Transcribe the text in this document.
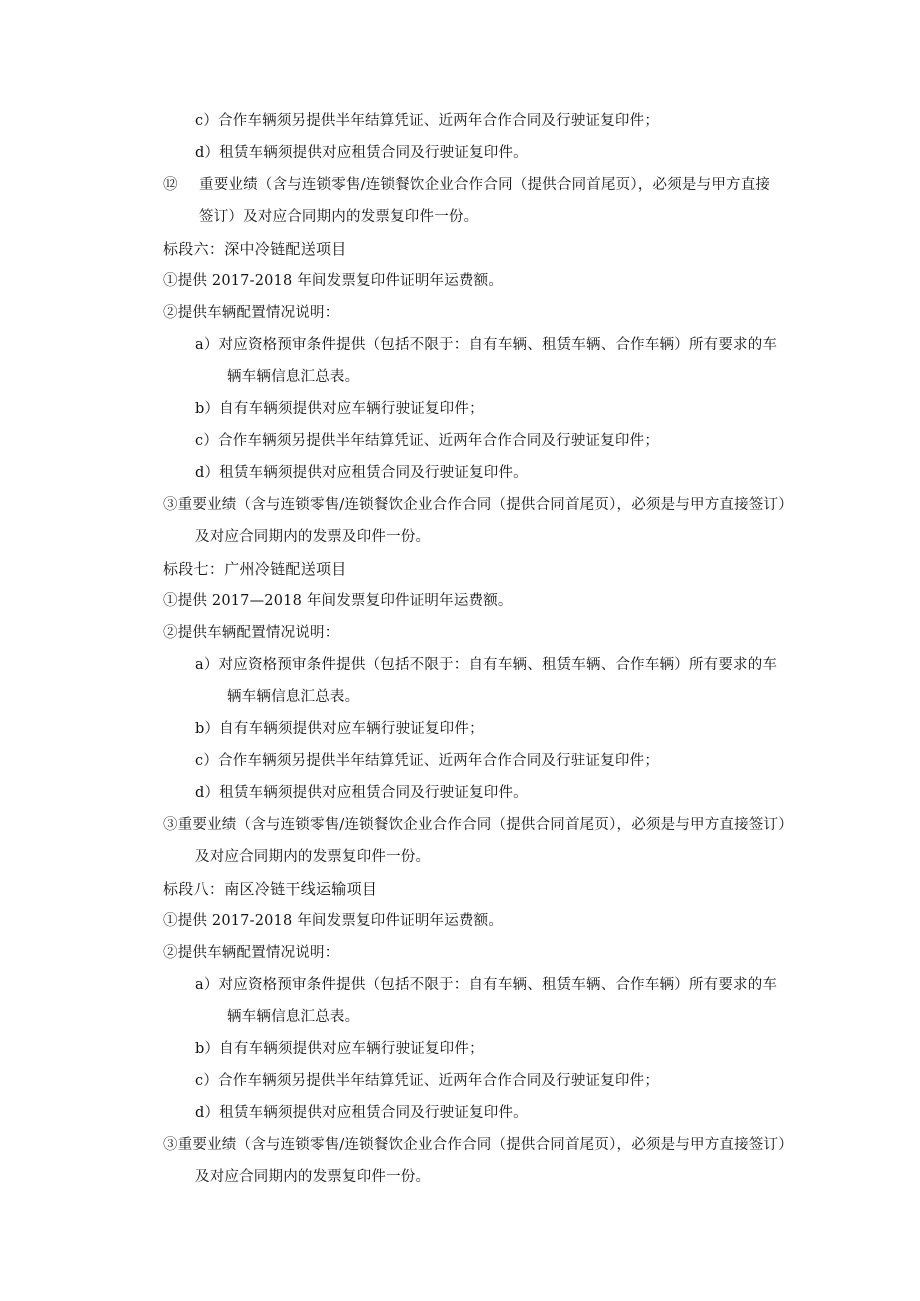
c）合作车辆须另提供半年结算凭证、近两年合作合同及行驶证复印件；
d）租赁车辆须提供对应租赁合同及行驶证复印件。
⑫ 重要业绩（含与连锁零售/连锁餐饮企业合作合同（提供合同首尾页），必须是与甲方直接
签订）及对应合同期内的发票复印件一份。
标段六：深中冷链配送项目
①提供 2017-2018 年间发票复印件证明年运费额。
②提供车辆配置情况说明：
a）对应资格预审条件提供（包括不限于：自有车辆、租赁车辆、合作车辆）所有要求的车
辆车辆信息汇总表。
b）自有车辆须提供对应车辆行驶证复印件；
c）合作车辆须另提供半年结算凭证、近两年合作合同及行驶证复印件；
d）租赁车辆须提供对应租赁合同及行驶证复印件。
③重要业绩（含与连锁零售/连锁餐饮企业合作合同（提供合同首尾页），必须是与甲方直接签订）
及对应合同期内的发票及印件一份。
标段七：广州冷链配送项目
①提供 2017—2018 年间发票复印件证明年运费额。
②提供车辆配置情况说明：
a）对应资格预审条件提供（包括不限于：自有车辆、租赁车辆、合作车辆）所有要求的车
辆车辆信息汇总表。
b）自有车辆须提供对应车辆行驶证复印件；
c）合作车辆须另提供半年结算凭证、近两年合作合同及行驻证复印件；
d）租赁车辆须提供对应租赁合同及行驶证复印件。
③重要业绩（含与连锁零售/连锁餐饮企业合作合同（提供合同首尾页），必须是与甲方直接签订）
及对应合同期内的发票复印件一份。
标段八：南区冷链干线运输项目
①提供 2017-2018 年间发票复印件证明年运费额。
②提供车辆配置情况说明：
a）对应资格预审条件提供（包括不限于：自有车辆、租赁车辆、合作车辆）所有要求的车
辆车辆信息汇总表。
b）自有车辆须提供对应车辆行驶证复印件；
c）合作车辆须另提供半年结算凭证、近两年合作合同及行驶证复印件；
d）租赁车辆须提供对应租赁合同及行驶证复印件。
③重要业绩（含与连锁零售/连锁餐饮企业合作合同（提供合同首尾页），必须是与甲方直接签订）
及对应合同期内的发票复印件一份。
